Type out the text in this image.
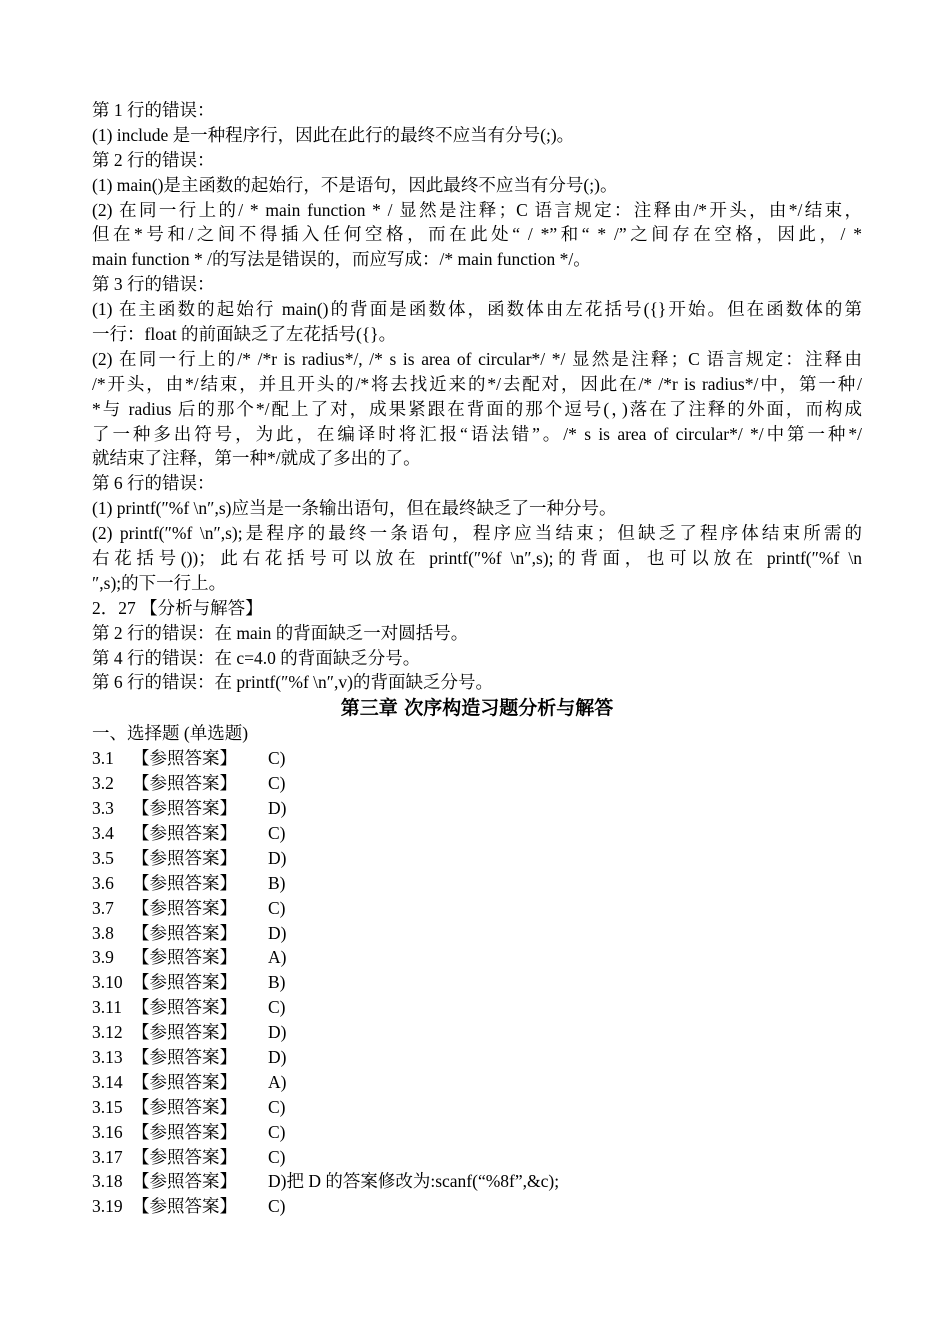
第 1 行的错误：
(1) include 是一种程序行，因此在此行的最终不应当有分号(;)。
第 2 行的错误：
(1) main()是主函数的起始行，不是语句，因此最终不应当有分号(;)。
(2) 在同一行上的/ * main function * / 显然是注释；C 语言规定：注释由/*开头，由*/结束，
但在*号和/之间不得插入任何空格，而在此处“ / *”和“ * /”之间存在空格，因此，/ *
main function * /的写法是错误的，而应写成：/* main function */。
第 3 行的错误：
(1) 在主函数的起始行 main()的背面是函数体，函数体由左花括号({}开始。但在函数体的第
一行：float 的前面缺乏了左花括号({}。
(2) 在同一行上的/* /*r is radius*/, /* s is area of circular*/ */ 显然是注释；C 语言规定：注释由
/*开头，由*/结束，并且开头的/*将去找近来的*/去配对，因此在/* /*r is radius*/中，第一种/
*与 radius 后的那个*/配上了对，成果紧跟在背面的那个逗号(，)落在了注释的外面，而构成
了一种多出符号，为此，在编译时将汇报“语法错”。/* s is area of circular*/ */中第一种*/
就结束了注释，第一种*/就成了多出的了。
第 6 行的错误：
(1) printf(″%f \n″,s)应当是一条输出语句，但在最终缺乏了一种分号。
(2) printf(″%f \n″,s);是程序的最终一条语句，程序应当结束；但缺乏了程序体结束所需的
右花括号())；此右花括号可以放在 printf(″%f \n″,s);的背面，也可以放在 printf(″%f \n
″,s);的下一行上。
2．27 【分析与解答】
第 2 行的错误：在 main 的背面缺乏一对圆括号。
第 4 行的错误：在 c=4.0 的背面缺乏分号。
第 6 行的错误：在 printf(″%f \n″,v)的背面缺乏分号。
第三章 次序构造习题分析与解答
一、选择题 (单选题)
3.1	【参照答案】	C)
3.2	【参照答案】	C)
3.3	【参照答案】	D)
3.4	【参照答案】	C)
3.5	【参照答案】	D)
3.6	【参照答案】	B)
3.7	【参照答案】	C)
3.8	【参照答案】	D)
3.9	【参照答案】	A)
3.10 【参照答案】	B)
3.11 【参照答案】	C)
3.12 【参照答案】	D)
3.13 【参照答案】	D)
3.14 【参照答案】	A)
3.15 【参照答案】	C)
3.16 【参照答案】	C)
3.17 【参照答案】	C)
3.18 【参照答案】	D)把 D 的答案修改为:scanf(“%8f”,&c);
3.19 【参照答案】	C)
